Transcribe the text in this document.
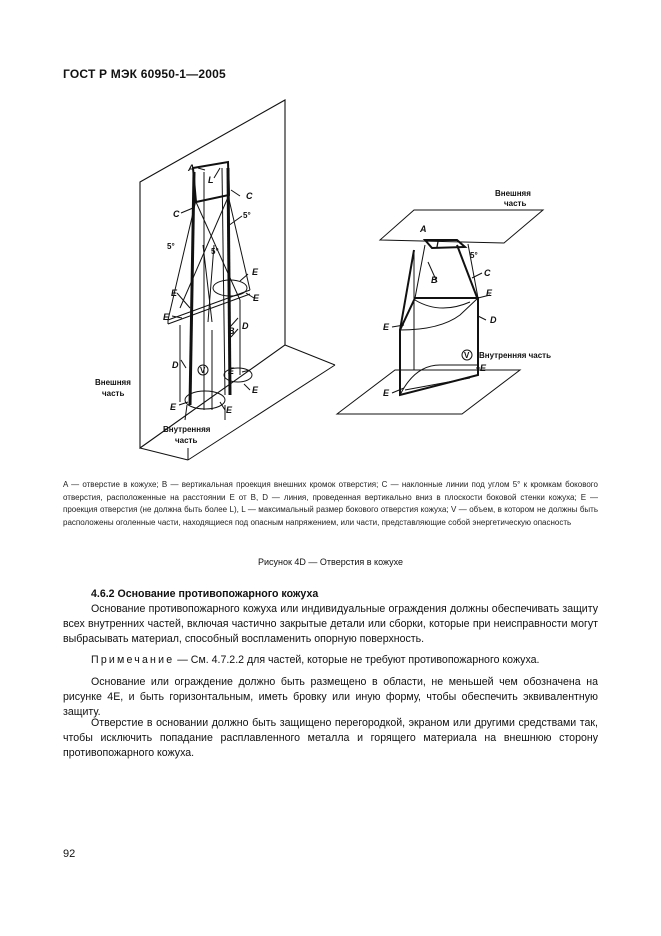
ГОСТ Р МЭК 60950-1—2005
A
L
C
C	5°
5°
5°
E
E	E
E
D
B
D
V	E
E
E	E
Внешняя
часть
Внутренняя
часть
Внешняя
часть
A
L
B
5°
C
E
E
D
V Внутренняя часть
E
E
A — отверстие в кожухе; B — вертикальная проекция внешних кромок отверстия; C — наклонные линии под углом 5° к кромкам бокового отверстия, расположенные на расстоянии E от B, D — линия, проведенная вертикально вниз в плоскости боковой стенки кожуха; E — проекция отверстия (не должна быть более L), L — максимальный размер бокового отверстия кожуха; V — объем, в котором не должны быть расположены оголенные части, находящиеся под опасным напряжением, или части, представляющие собой энергетическую опасность
Рисунок 4D — Отверстия в кожухе
4.6.2 Основание противопожарного кожуха

Основание противопожарного кожуха или индивидуальные ограждения должны обеспечивать защиту всех внутренних частей, включая частично закрытые детали или сборки, которые при неисправности могут выбрасывать материал, способный воспламенить опорную поверхность.

Примечание — См. 4.7.2.2 для частей, которые не требуют противопожарного кожуха.

Основание или ограждение должно быть размещено в области, не меньшей чем обозначена на рисунке 4E, и быть горизонтальным, иметь бровку или иную форму, чтобы обеспечить эквивалентную защиту.

Отверстие в основании должно быть защищено перегородкой, экраном или другими средствами так, чтобы исключить попадание расплавленного металла и горящего материала на внешнюю сторону противопожарного кожуха.

92
